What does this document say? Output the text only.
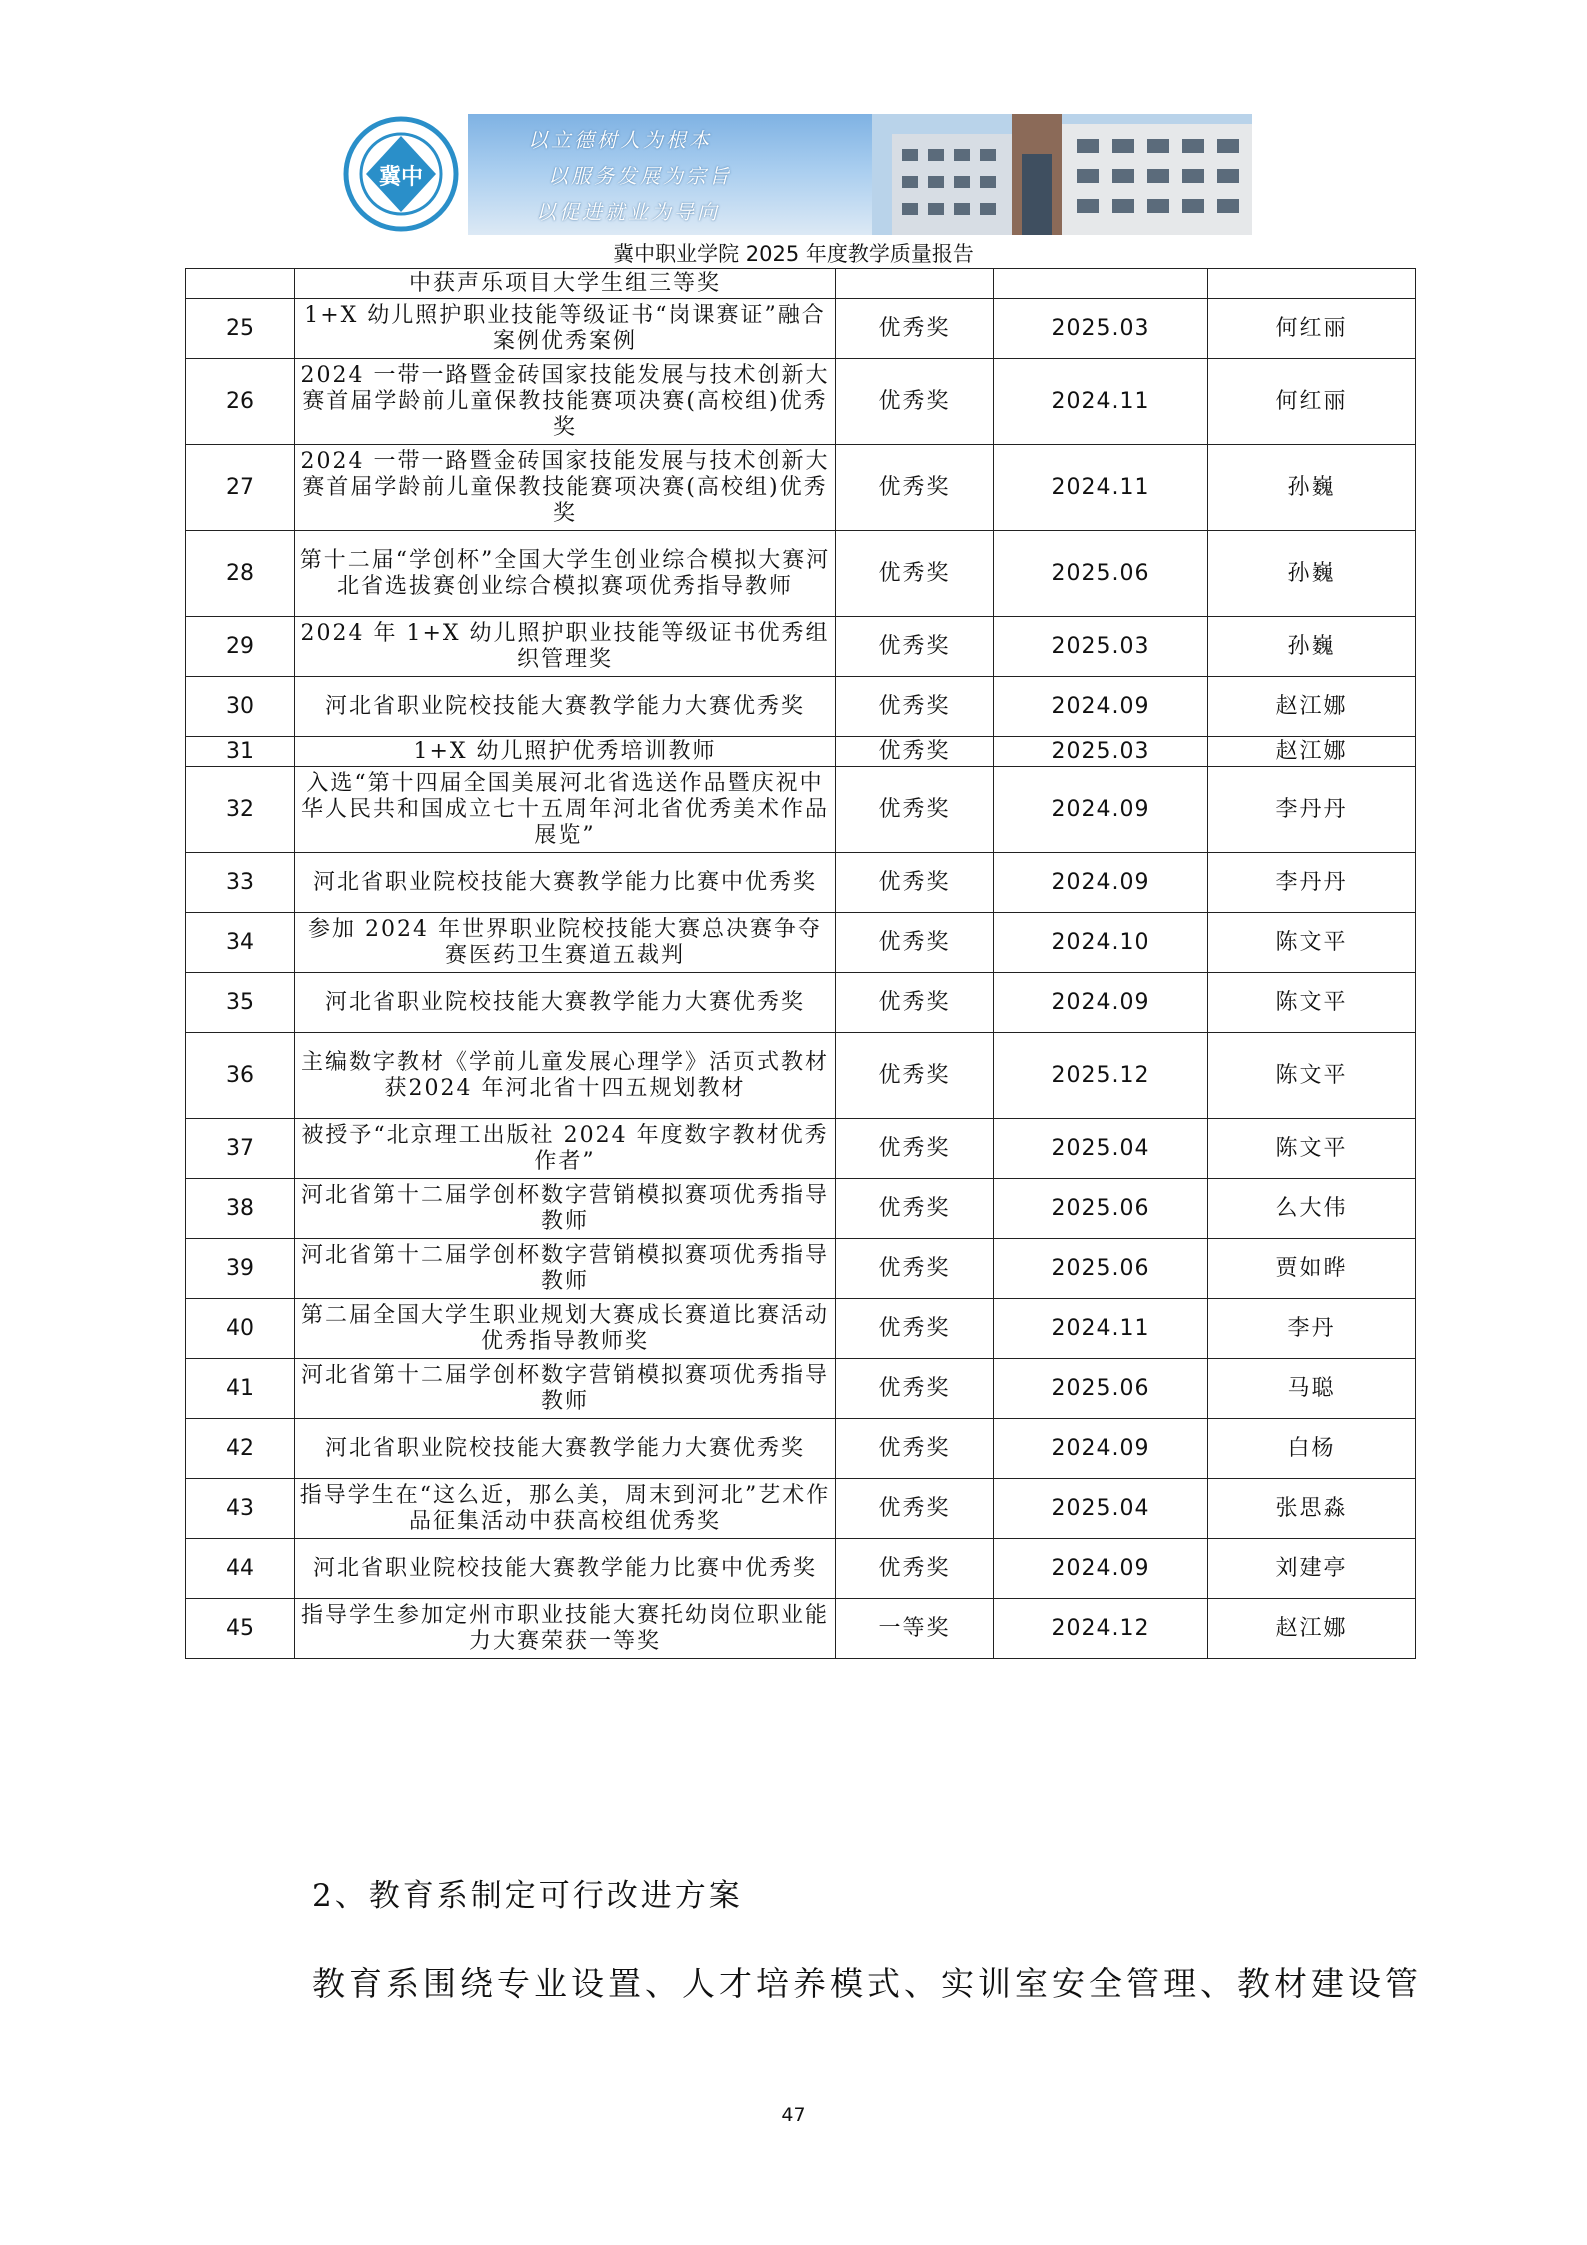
冀中
以立德树人为根本
以服务发展为宗旨
以促进就业为导向
冀中职业学院 2025 年度教学质量报告
	中获声乐项目大学生组三等奖			
25	1+X 幼儿照护职业技能等级证书“岗课赛证”融合案例优秀案例	优秀奖	2025.03	何红丽
26	2024 一带一路暨金砖国家技能发展与技术创新大赛首届学龄前儿童保教技能赛项决赛(高校组)优秀奖	优秀奖	2024.11	何红丽
27	2024 一带一路暨金砖国家技能发展与技术创新大赛首届学龄前儿童保教技能赛项决赛(高校组)优秀奖	优秀奖	2024.11	孙巍
28	第十二届“学创杯”全国大学生创业综合模拟大赛河北省选拔赛创业综合模拟赛项优秀指导教师	优秀奖	2025.06	孙巍
29	2024 年 1+X 幼儿照护职业技能等级证书优秀组织管理奖	优秀奖	2025.03	孙巍
30	河北省职业院校技能大赛教学能力大赛优秀奖	优秀奖	2024.09	赵江娜
31	1+X 幼儿照护优秀培训教师	优秀奖	2025.03	赵江娜
32	入选“第十四届全国美展河北省选送作品暨庆祝中华人民共和国成立七十五周年河北省优秀美术作品展览”	优秀奖	2024.09	李丹丹
33	河北省职业院校技能大赛教学能力比赛中优秀奖	优秀奖	2024.09	李丹丹
34	参加 2024 年世界职业院校技能大赛总决赛争夺赛医药卫生赛道五裁判	优秀奖	2024.10	陈文平
35	河北省职业院校技能大赛教学能力大赛优秀奖	优秀奖	2024.09	陈文平
36	主编数字教材《学前儿童发展心理学》活页式教材获2024 年河北省十四五规划教材	优秀奖	2025.12	陈文平
37	被授予“北京理工出版社 2024 年度数字教材优秀作者”	优秀奖	2025.04	陈文平
38	河北省第十二届学创杯数字营销模拟赛项优秀指导教师	优秀奖	2025.06	么大伟
39	河北省第十二届学创杯数字营销模拟赛项优秀指导教师	优秀奖	2025.06	贾如晔
40	第二届全国大学生职业规划大赛成长赛道比赛活动优秀指导教师奖	优秀奖	2024.11	李丹
41	河北省第十二届学创杯数字营销模拟赛项优秀指导教师	优秀奖	2025.06	马聪
42	河北省职业院校技能大赛教学能力大赛优秀奖	优秀奖	2024.09	白杨
43	指导学生在“这么近，那么美，周末到河北”艺术作品征集活动中获高校组优秀奖	优秀奖	2025.04	张思淼
44	河北省职业院校技能大赛教学能力比赛中优秀奖	优秀奖	2024.09	刘建亭
45	指导学生参加定州市职业技能大赛托幼岗位职业能力大赛荣获一等奖	一等奖	2024.12	赵江娜
2、教育系制定可行改进方案
教育系围绕专业设置、人才培养模式、实训室安全管理、教材建设管
47
